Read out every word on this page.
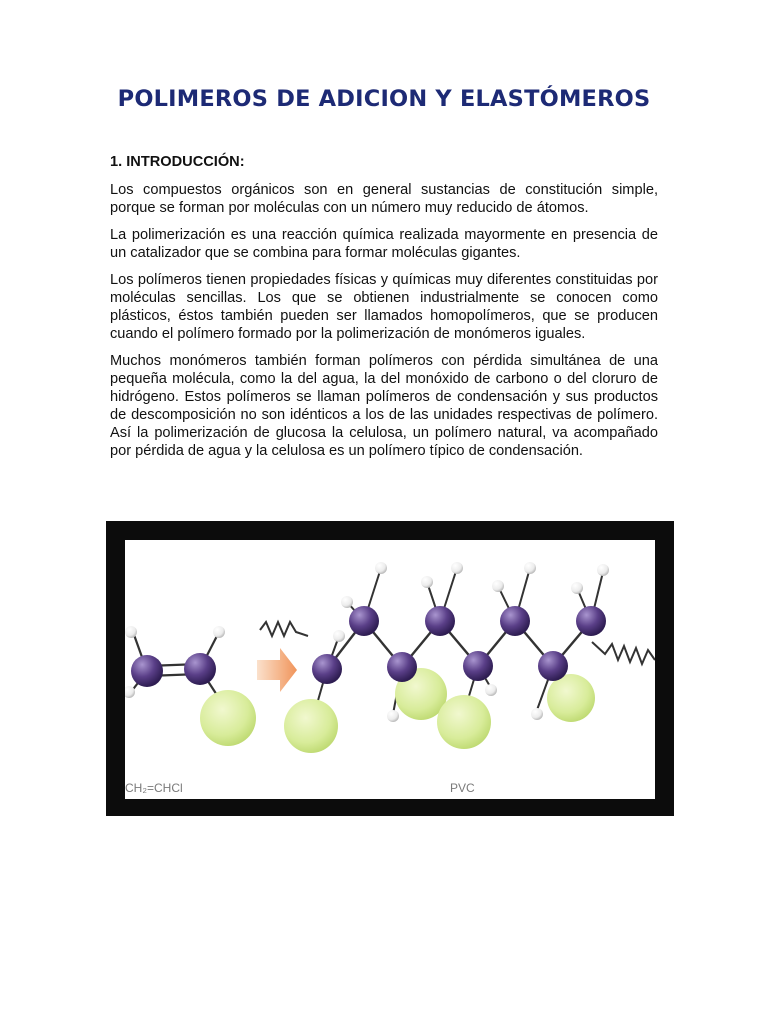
POLIMEROS DE ADICION Y ELASTÓMEROS

1. INTRODUCCIÓN:

Los compuestos orgánicos son en general sustancias de constitución simple, porque se forman por moléculas con un número muy reducido de átomos.

La polimerización es una reacción química realizada mayormente en presencia de un catalizador que se combina para formar moléculas gigantes.

Los polímeros tienen propiedades físicas y químicas muy diferentes constituidas por moléculas sencillas. Los que se obtienen industrialmente se conocen como plásticos, éstos también pueden ser llamados homopolímeros, que se producen cuando el polímero formado por la polimerización de monómeros iguales.

Muchos monómeros también forman polímeros con pérdida simultánea de una pequeña molécula, como la del agua, la del monóxido de carbono o del cloruro de hidrógeno. Estos polímeros se llaman polímeros de condensación y sus productos de descomposición no son idénticos a los de las unidades respectivas de polímero. Así la polimerización de glucosa la celulosa, un polímero natural, va acompañado por pérdida de agua y la celulosa es un polímero típico de condensación.

CH₂=CHCl	PVC
